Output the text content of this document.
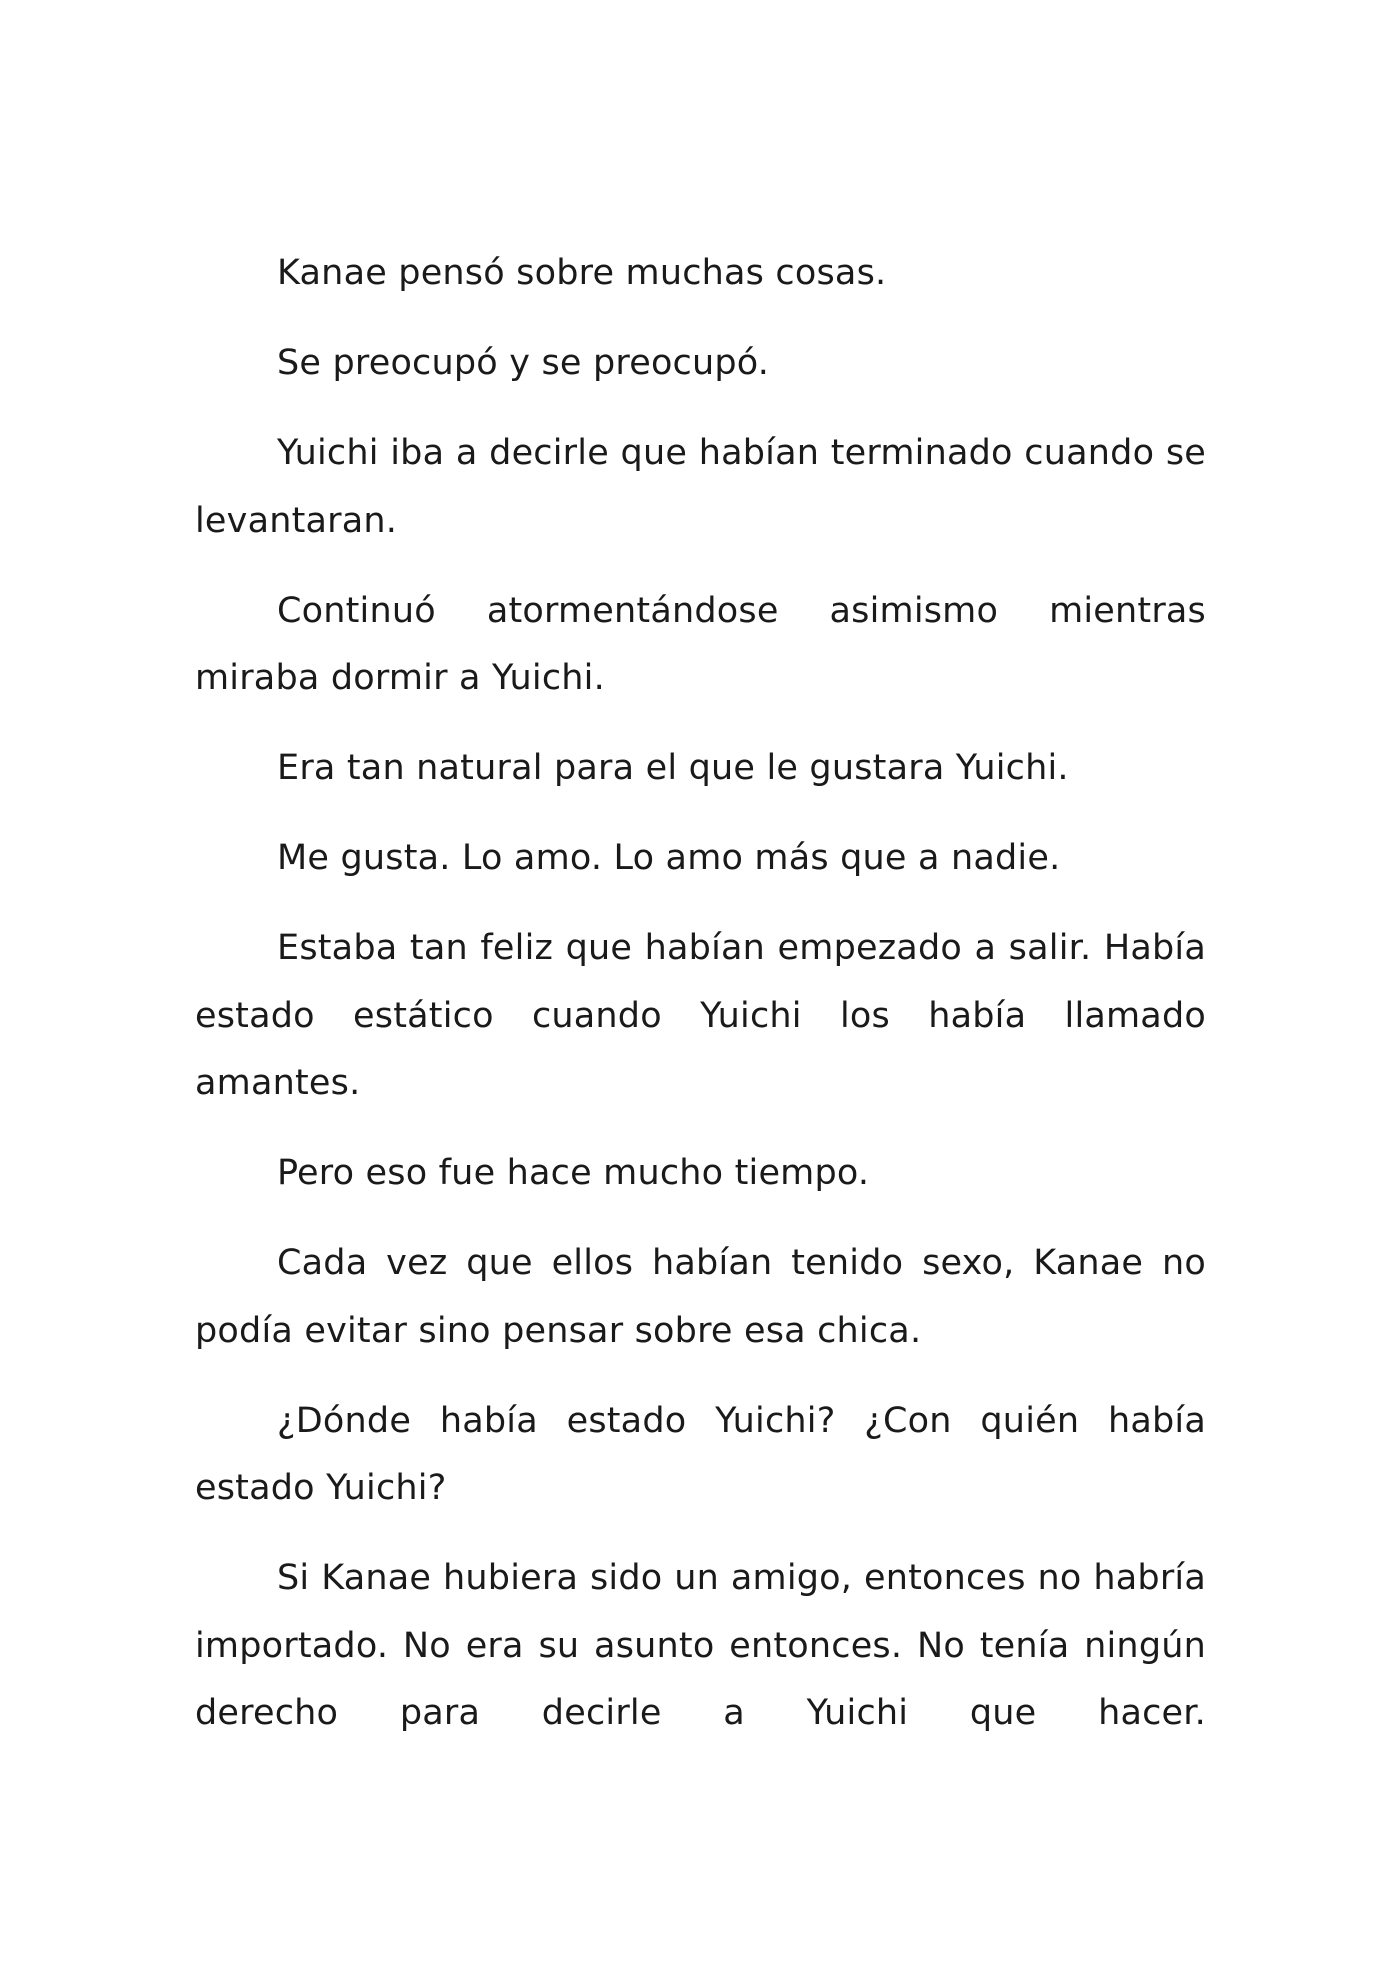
Kanae pensó sobre muchas cosas.

Se preocupó y se preocupó.

Yuichi iba a decirle que habían terminado cuando se levantaran.

Continuó atormentándose asimismo mientras miraba dormir a Yuichi.

Era tan natural para el que le gustara Yuichi.

Me gusta. Lo amo. Lo amo más que a nadie.

Estaba tan feliz que habían empezado a salir. Había estado estático cuando Yuichi los había llamado amantes.

Pero eso fue hace mucho tiempo.

Cada vez que ellos habían tenido sexo, Kanae no podía evitar sino pensar sobre esa chica.

¿Dónde había estado Yuichi? ¿Con quién había estado Yuichi?

Si Kanae hubiera sido un amigo, entonces no habría importado. No era su asunto entonces. No tenía ningún derecho para decirle a Yuichi que hacer.
